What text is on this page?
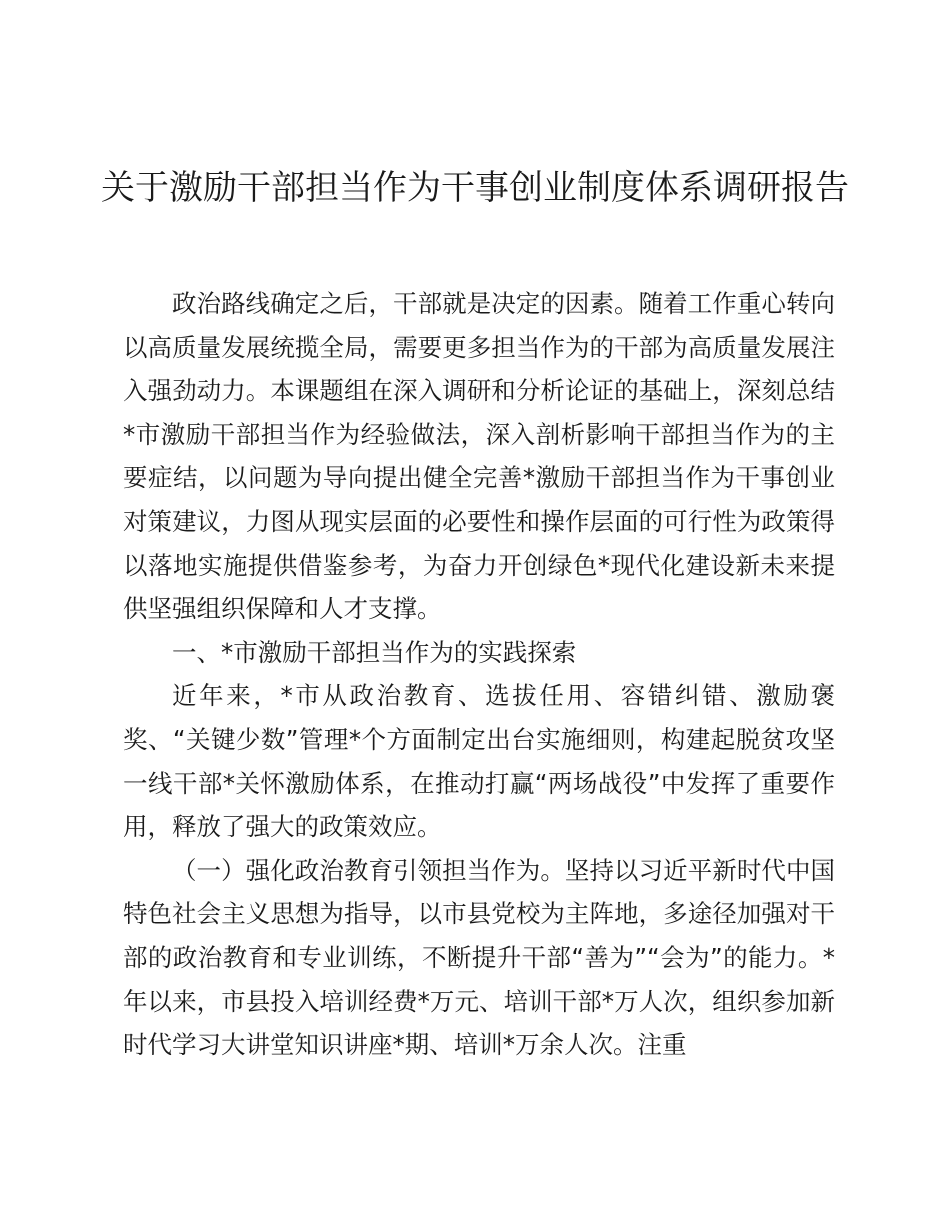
关于激励干部担当作为干事创业制度体系调研报告

政治路线确定之后，干部就是决定的因素。随着工作重心转向以高质量发展统揽全局，需要更多担当作为的干部为高质量发展注入强劲动力。本课题组在深入调研和分析论证的基础上，深刻总结*市激励干部担当作为经验做法，深入剖析影响干部担当作为的主要症结，以问题为导向提出健全完善*激励干部担当作为干事创业对策建议，力图从现实层面的必要性和操作层面的可行性为政策得以落地实施提供借鉴参考，为奋力开创绿色*现代化建设新未来提供坚强组织保障和人才支撑。

一、*市激励干部担当作为的实践探索

近年来，*市从政治教育、选拔任用、容错纠错、激励褒奖、“关键少数”管理*个方面制定出台实施细则，构建起脱贫攻坚一线干部*关怀激励体系，在推动打赢“两场战役”中发挥了重要作用，释放了强大的政策效应。

（一）强化政治教育引领担当作为。坚持以习近平新时代中国特色社会主义思想为指导，以市县党校为主阵地，多途径加强对干部的政治教育和专业训练，不断提升干部“善为”“会为”的能力。*年以来，市县投入培训经费*万元、培训干部*万人次，组织参加新时代学习大讲堂知识讲座*期、培训*万余人次。注重
